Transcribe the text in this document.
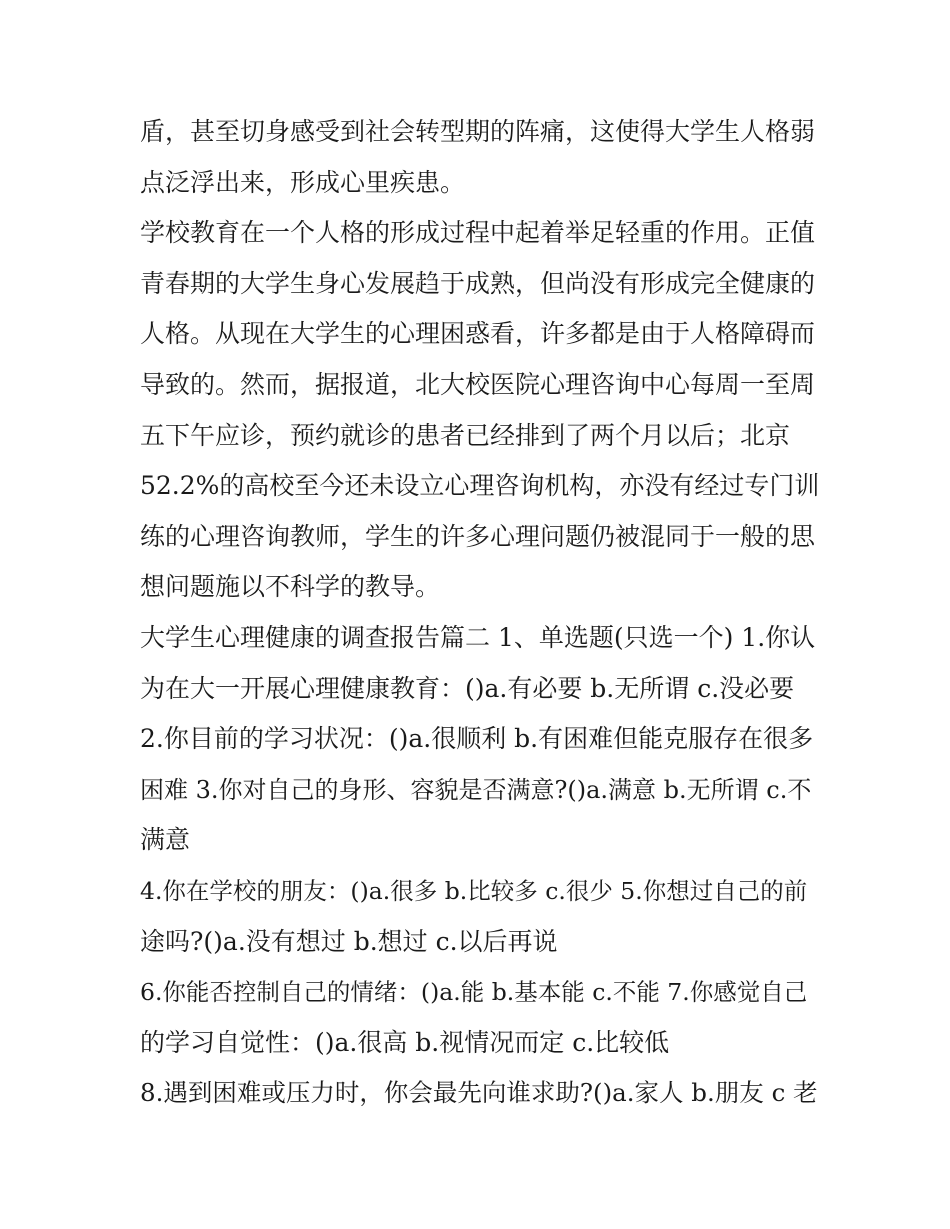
盾，甚至切身感受到社会转型期的阵痛，这使得大学生人格弱
点泛浮出来，形成心里疾患。
学校教育在一个人格的形成过程中起着举足轻重的作用。正值
青春期的大学生身心发展趋于成熟，但尚没有形成完全健康的
人格。从现在大学生的心理困惑看，许多都是由于人格障碍而
导致的。然而，据报道，北大校医院心理咨询中心每周一至周
五下午应诊，预约就诊的患者已经排到了两个月以后；北京
52.2%的高校至今还未设立心理咨询机构，亦没有经过专门训
练的心理咨询教师，学生的许多心理问题仍被混同于一般的思
想问题施以不科学的教导。
大学生心理健康的调查报告篇二 1、单选题(只选一个) 1.你认
为在大一开展心理健康教育：()a.有必要 b.无所谓 c.没必要
2.你目前的学习状况：()a.很顺利 b.有困难但能克服存在很多
困难 3.你对自己的身形、容貌是否满意?()a.满意 b.无所谓 c.不
满意
4.你在学校的朋友：()a.很多 b.比较多 c.很少 5.你想过自己的前
途吗?()a.没有想过 b.想过 c.以后再说
6.你能否控制自己的情绪：()a.能 b.基本能 c.不能 7.你感觉自己
的学习自觉性：()a.很高 b.视情况而定 c.比较低
8.遇到困难或压力时，你会最先向谁求助?()a.家人 b.朋友 c 老
